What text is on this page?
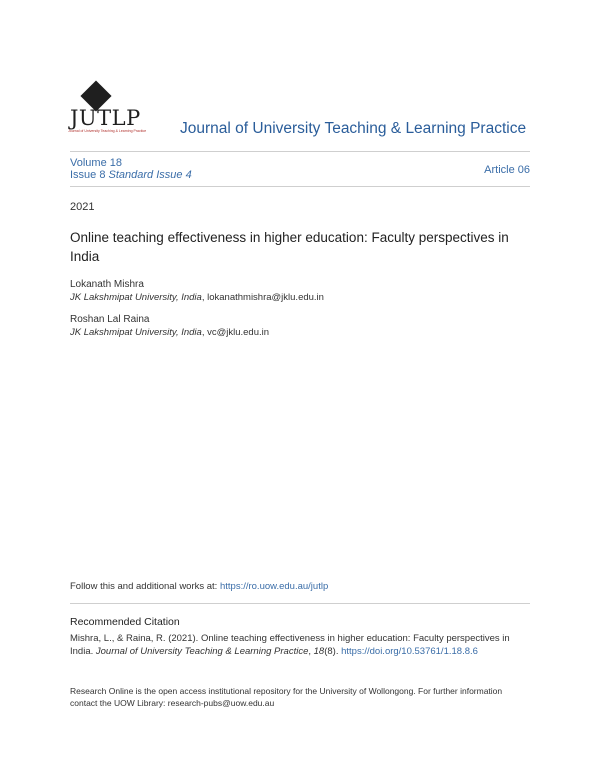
JUTLP
Journal of University Teaching & Learning Practice Journal of University Teaching & Learning Practice
Volume 18
Issue 8 Standard Issue 4	Article 06
2021
Online teaching effectiveness in higher education: Faculty perspectives in India
Lokanath Mishra
JK Lakshmipat University, India, lokanathmishra@jklu.edu.in
Roshan Lal Raina
JK Lakshmipat University, India, vc@jklu.edu.in
Follow this and additional works at: https://ro.uow.edu.au/jutlp
Recommended Citation
Mishra, L., & Raina, R. (2021). Online teaching effectiveness in higher education: Faculty perspectives in India. Journal of University Teaching & Learning Practice, 18(8). https://doi.org/10.53761/1.18.8.6
Research Online is the open access institutional repository for the University of Wollongong. For further information contact the UOW Library: research-pubs@uow.edu.au
